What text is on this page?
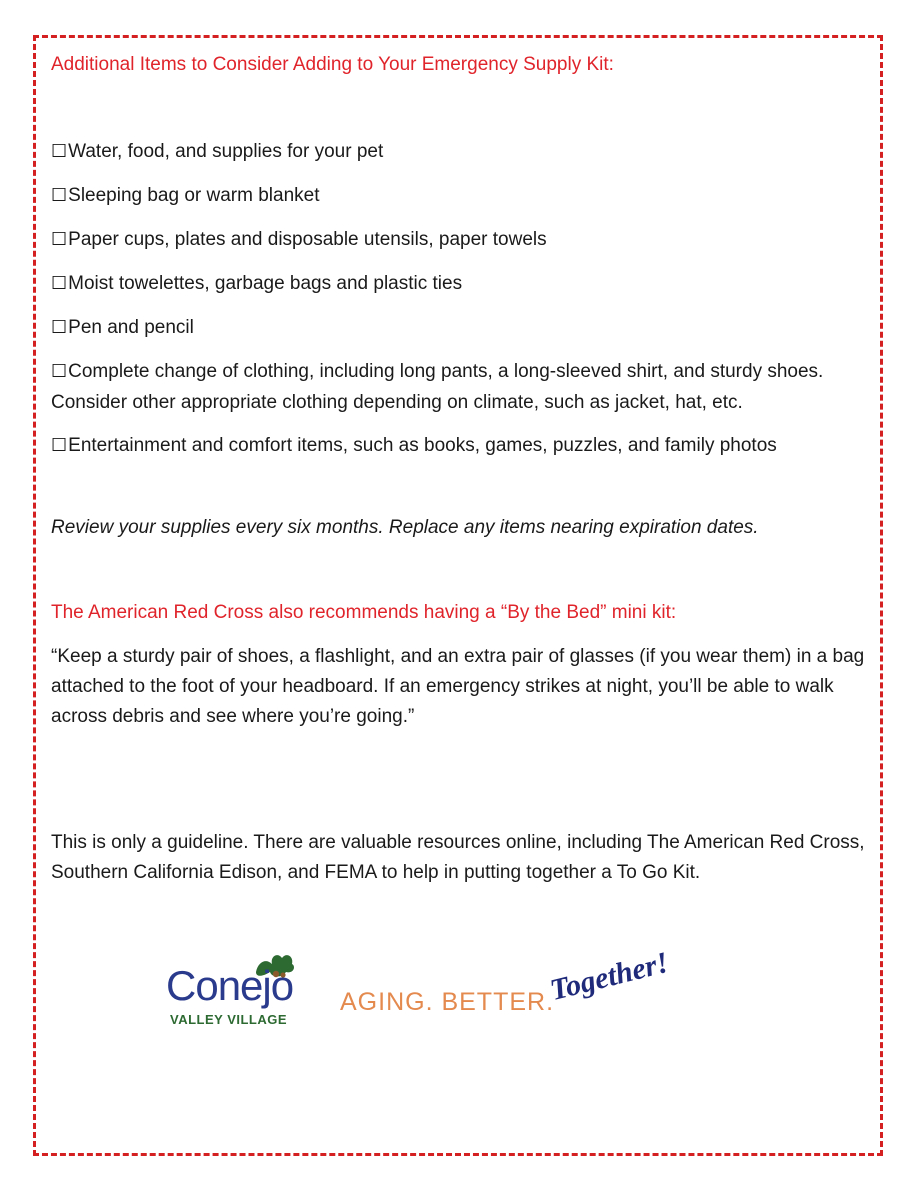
Additional Items to Consider Adding to Your Emergency Supply Kit:
☐Water, food, and supplies for your pet
☐Sleeping bag or warm blanket
☐Paper cups, plates and disposable utensils, paper towels
☐Moist towelettes, garbage bags and plastic ties
☐Pen and pencil
☐Complete change of clothing, including long pants, a long-sleeved shirt, and sturdy shoes. Consider other appropriate clothing depending on climate, such as jacket, hat, etc.
☐Entertainment and comfort items, such as books, games, puzzles, and family photos
Review your supplies every six months. Replace any items nearing expiration dates.
The American Red Cross also recommends having a “By the Bed” mini kit:
“Keep a sturdy pair of shoes, a flashlight, and an extra pair of glasses (if you wear them) in a bag attached to the foot of your headboard. If an emergency strikes at night, you’ll be able to walk across debris and see where you’re going.”
This is only a guideline. There are valuable resources online, including The American Red Cross, Southern California Edison, and FEMA to help in putting together a To Go Kit.
Conejo
VALLEY VILLAGE
AGING. BETTER.
Together!
